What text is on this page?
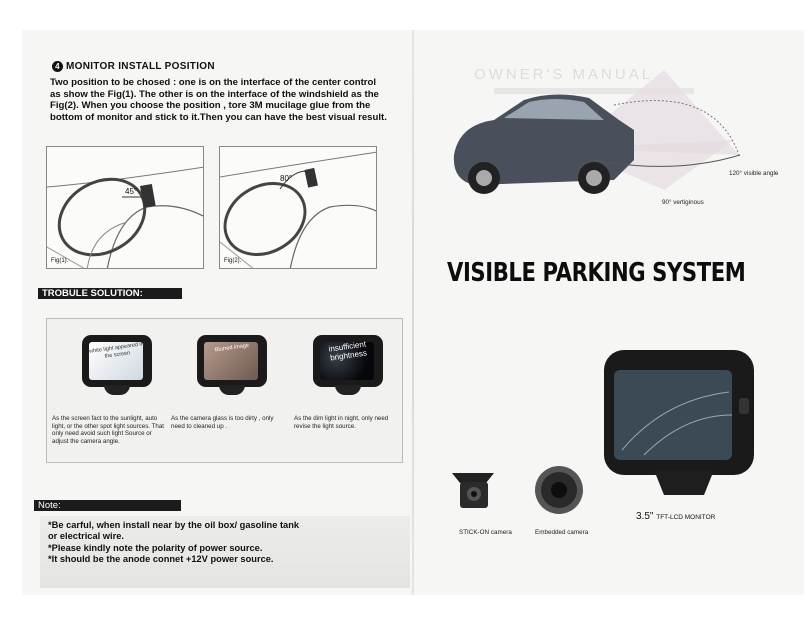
4 MONITOR INSTALL POSITION
Two position to be chosed : one is on the interface of the center control
as show the Fig(1). The other is on the interface of the windshield as the
Fig(2). When you choose the position , tore 3M mucilage glue from the
bottom of monitor and stick to it.Then you can have the best visual result.
45°
Fig(1).
80°
Fig(2).
TROBULE SOLUTION:
white light appeared in the screen
Blurred image	insufficient brightness
As the screen fact to the sunlight, auto light, or the other spot light sources. That only need avoid such light Source or adjust the camera angle.
As the camera glass is too dirty , only need to cleaned up .
As the dim light in night, only need revise the light source.
Note:
*Be carful, when install near by the oil box/ gasoline tank
or electrical wire.
*Please kindly note the polarity of power source.
*It should be the anode connet +12V power source.
OWNER'S MANUAL
120° visible angle
90° vertiginous
VISIBLE PARKING SYSTEM
STICK-ON camera	Embedded camera
3.5" TFT-LCD MONITOR
